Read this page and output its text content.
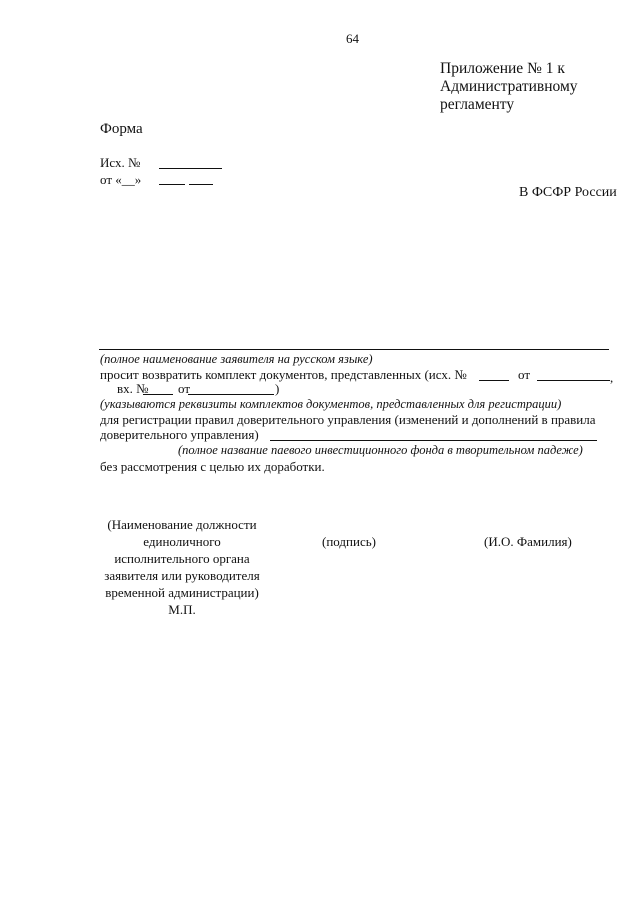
64
Приложение № 1 к
Административному
регламенту
Форма
Исх. №
от «__»
В ФСФР России
(полное наименование заявителя на русском языке)
просит возвратить комплект документов, представленных (исх. №	от	,
вх. № от	)
(указываются реквизиты комплектов документов, представленных для регистрации)
для регистрации правил доверительного управления (изменений и дополнений в правила
доверительного управления)
(полное название паевого инвестиционного фонда в творительном падеже)
без рассмотрения с целью их доработки.
(Наименование должности
единоличного
исполнительного органа
заявителя или руководителя
временной администрации)
М.П.
(подпись)	(И.О. Фамилия)
